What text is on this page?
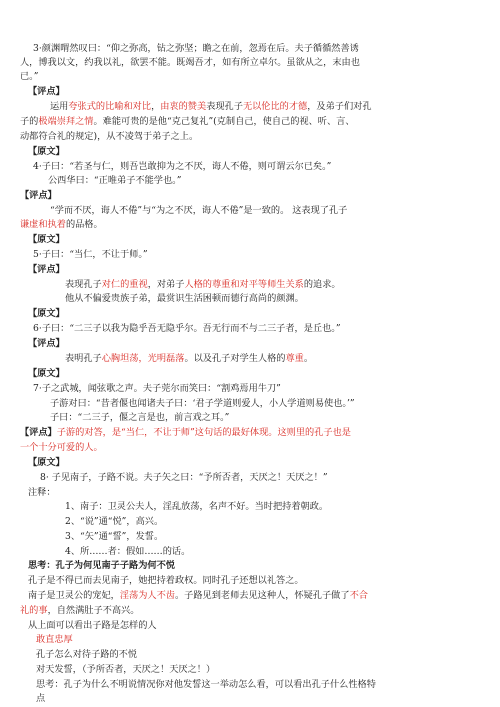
3·颜渊喟然叹曰：“仰之弥高，钻之弥坚；瞻之在前，忽焉在后。夫子循循然善诱
人，博我以文，约我以礼，欲罢不能。既竭吾才，如有所立卓尔。虽欲从之，末由也
已。”
【评点】
运用夸张式的比喻和对比，由衷的赞美表现孔子无以伦比的才德，及弟子们对孔
子的极端崇拜之情。难能可贵的是他“克己复礼”(克制自己，使自己的视、听、言、
动都符合礼的规定)，从不凌驾于弟子之上。
【原文】
4·子曰：“若圣与仁，则吾岂敢抑为之不厌，诲人不倦，则可谓云尔已矣。”
公西华曰：“正唯弟子不能学也。”
【评点】
“学而不厌，诲人不倦”与“为之不厌，诲人不倦”是一致的。 这表现了孔子
谦虚和执着的品格。
【原文】
5·子曰：“当仁，不让于师。”
【评点】
表现孔子对仁的重视，对弟子人格的尊重和对平等师生关系的追求。
他从不偏爱贵族子弟，最赏识生活困顿而德行高尚的颜渊。
【原文】
6·子曰：“二三子以我为隐乎吾无隐乎尔。吾无行而不与二三子者，是丘也。”
【评点】
表明孔子心胸坦荡，光明磊落。以及孔子对学生人格的尊重。
【原文】
7·子之武城，闻弦歌之声。夫子莞尔而笑曰：“割鸡焉用牛刀”
子游对曰：“昔者偃也闻诸夫子曰：‘君子学道则爱人，小人学道则易使也。’”
子曰：“二三子，偃之言是也，前言戏之耳。”
【评点】子游的对答，是“当仁，不让于师”这句话的最好体现。这则里的孔子也是
一个十分可爱的人。
【原文】
8· 子见南子，子路不说。夫子矢之曰：“予所否者，天厌之！天厌之！”
注释：
1、南子：卫灵公夫人，淫乱放荡，名声不好。当时把持着朝政。
2、“说”通“悦”，高兴。
3、“矢”通“誓”，发誓。
4、所……者：假如……的话。
思考：孔子为何见南子子路为何不悦
孔子是不得已而去见南子，她把持着政权。同时孔子还想以礼答之。
南子是卫灵公的宠妃，淫荡为人不齿。子路见到老师去见这种人，怀疑孔子做了不合
礼的事，自然满肚子不高兴。
从上面可以看出子路是怎样的人
敢直忠厚
孔子怎么对待子路的不悦
对天发誓，（予所否者，天厌之！天厌之！）
思考：孔子为什么不明说情况你对他发誓这一举动怎么看，可以看出孔子什么性格特
点
